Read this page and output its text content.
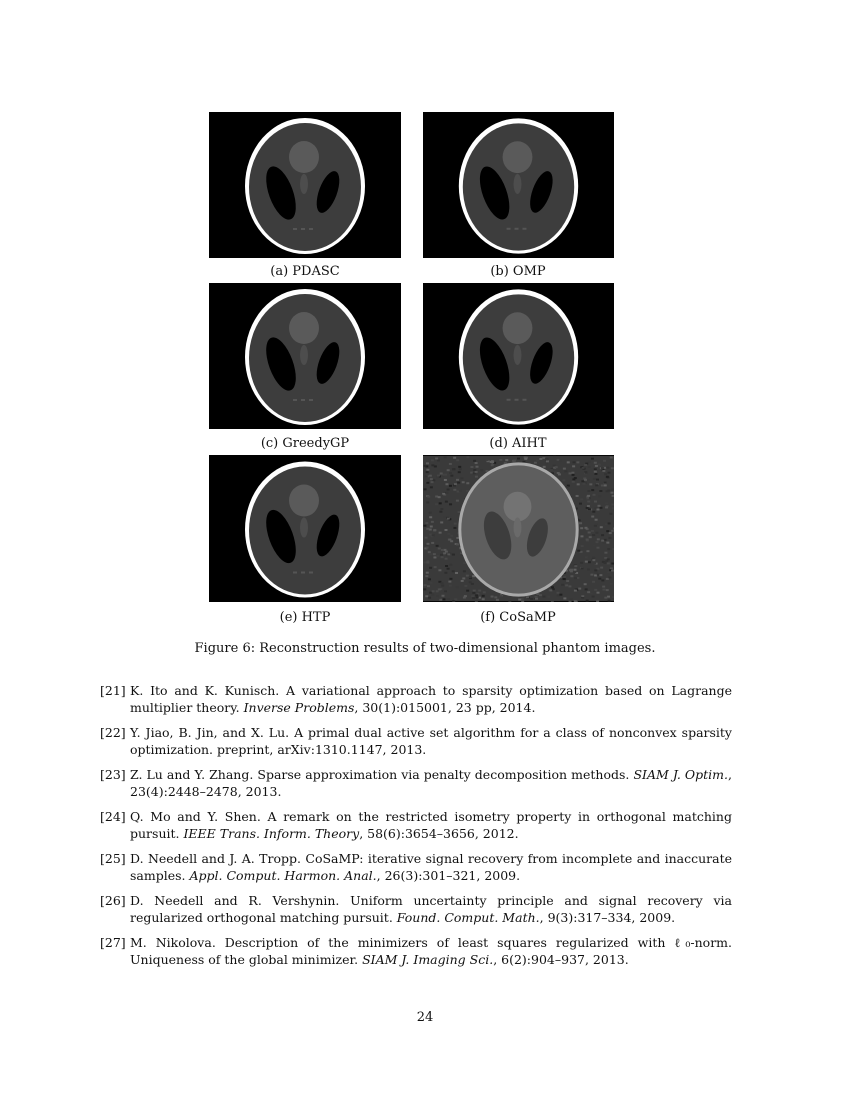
(a) PDASC	(b) OMP
(c) GreedyGP	(d) AIHT
(e) HTP	(f) CoSaMP
Figure 6: Reconstruction results of two-dimensional phantom images.
[21] K. Ito and K. Kunisch. A variational approach to sparsity optimization based on Lagrange multiplier theory. Inverse Problems, 30(1):015001, 23 pp, 2014.
[22] Y. Jiao, B. Jin, and X. Lu. A primal dual active set algorithm for a class of nonconvex sparsity optimization. preprint, arXiv:1310.1147, 2013.
[23] Z. Lu and Y. Zhang. Sparse approximation via penalty decomposition methods. SIAM J. Optim., 23(4):2448–2478, 2013.
[24] Q. Mo and Y. Shen. A remark on the restricted isometry property in orthogonal matching pursuit. IEEE Trans. Inform. Theory, 58(6):3654–3656, 2012.
[25] D. Needell and J. A. Tropp. CoSaMP: iterative signal recovery from incomplete and inaccurate samples. Appl. Comput. Harmon. Anal., 26(3):301–321, 2009.
[26] D. Needell and R. Vershynin. Uniform uncertainty principle and signal recovery via regularized orthogonal matching pursuit. Found. Comput. Math., 9(3):317–334, 2009.
[27] M. Nikolova. Description of the minimizers of least squares regularized with ℓ₀-norm. Uniqueness of the global minimizer. SIAM J. Imaging Sci., 6(2):904–937, 2013.
24
